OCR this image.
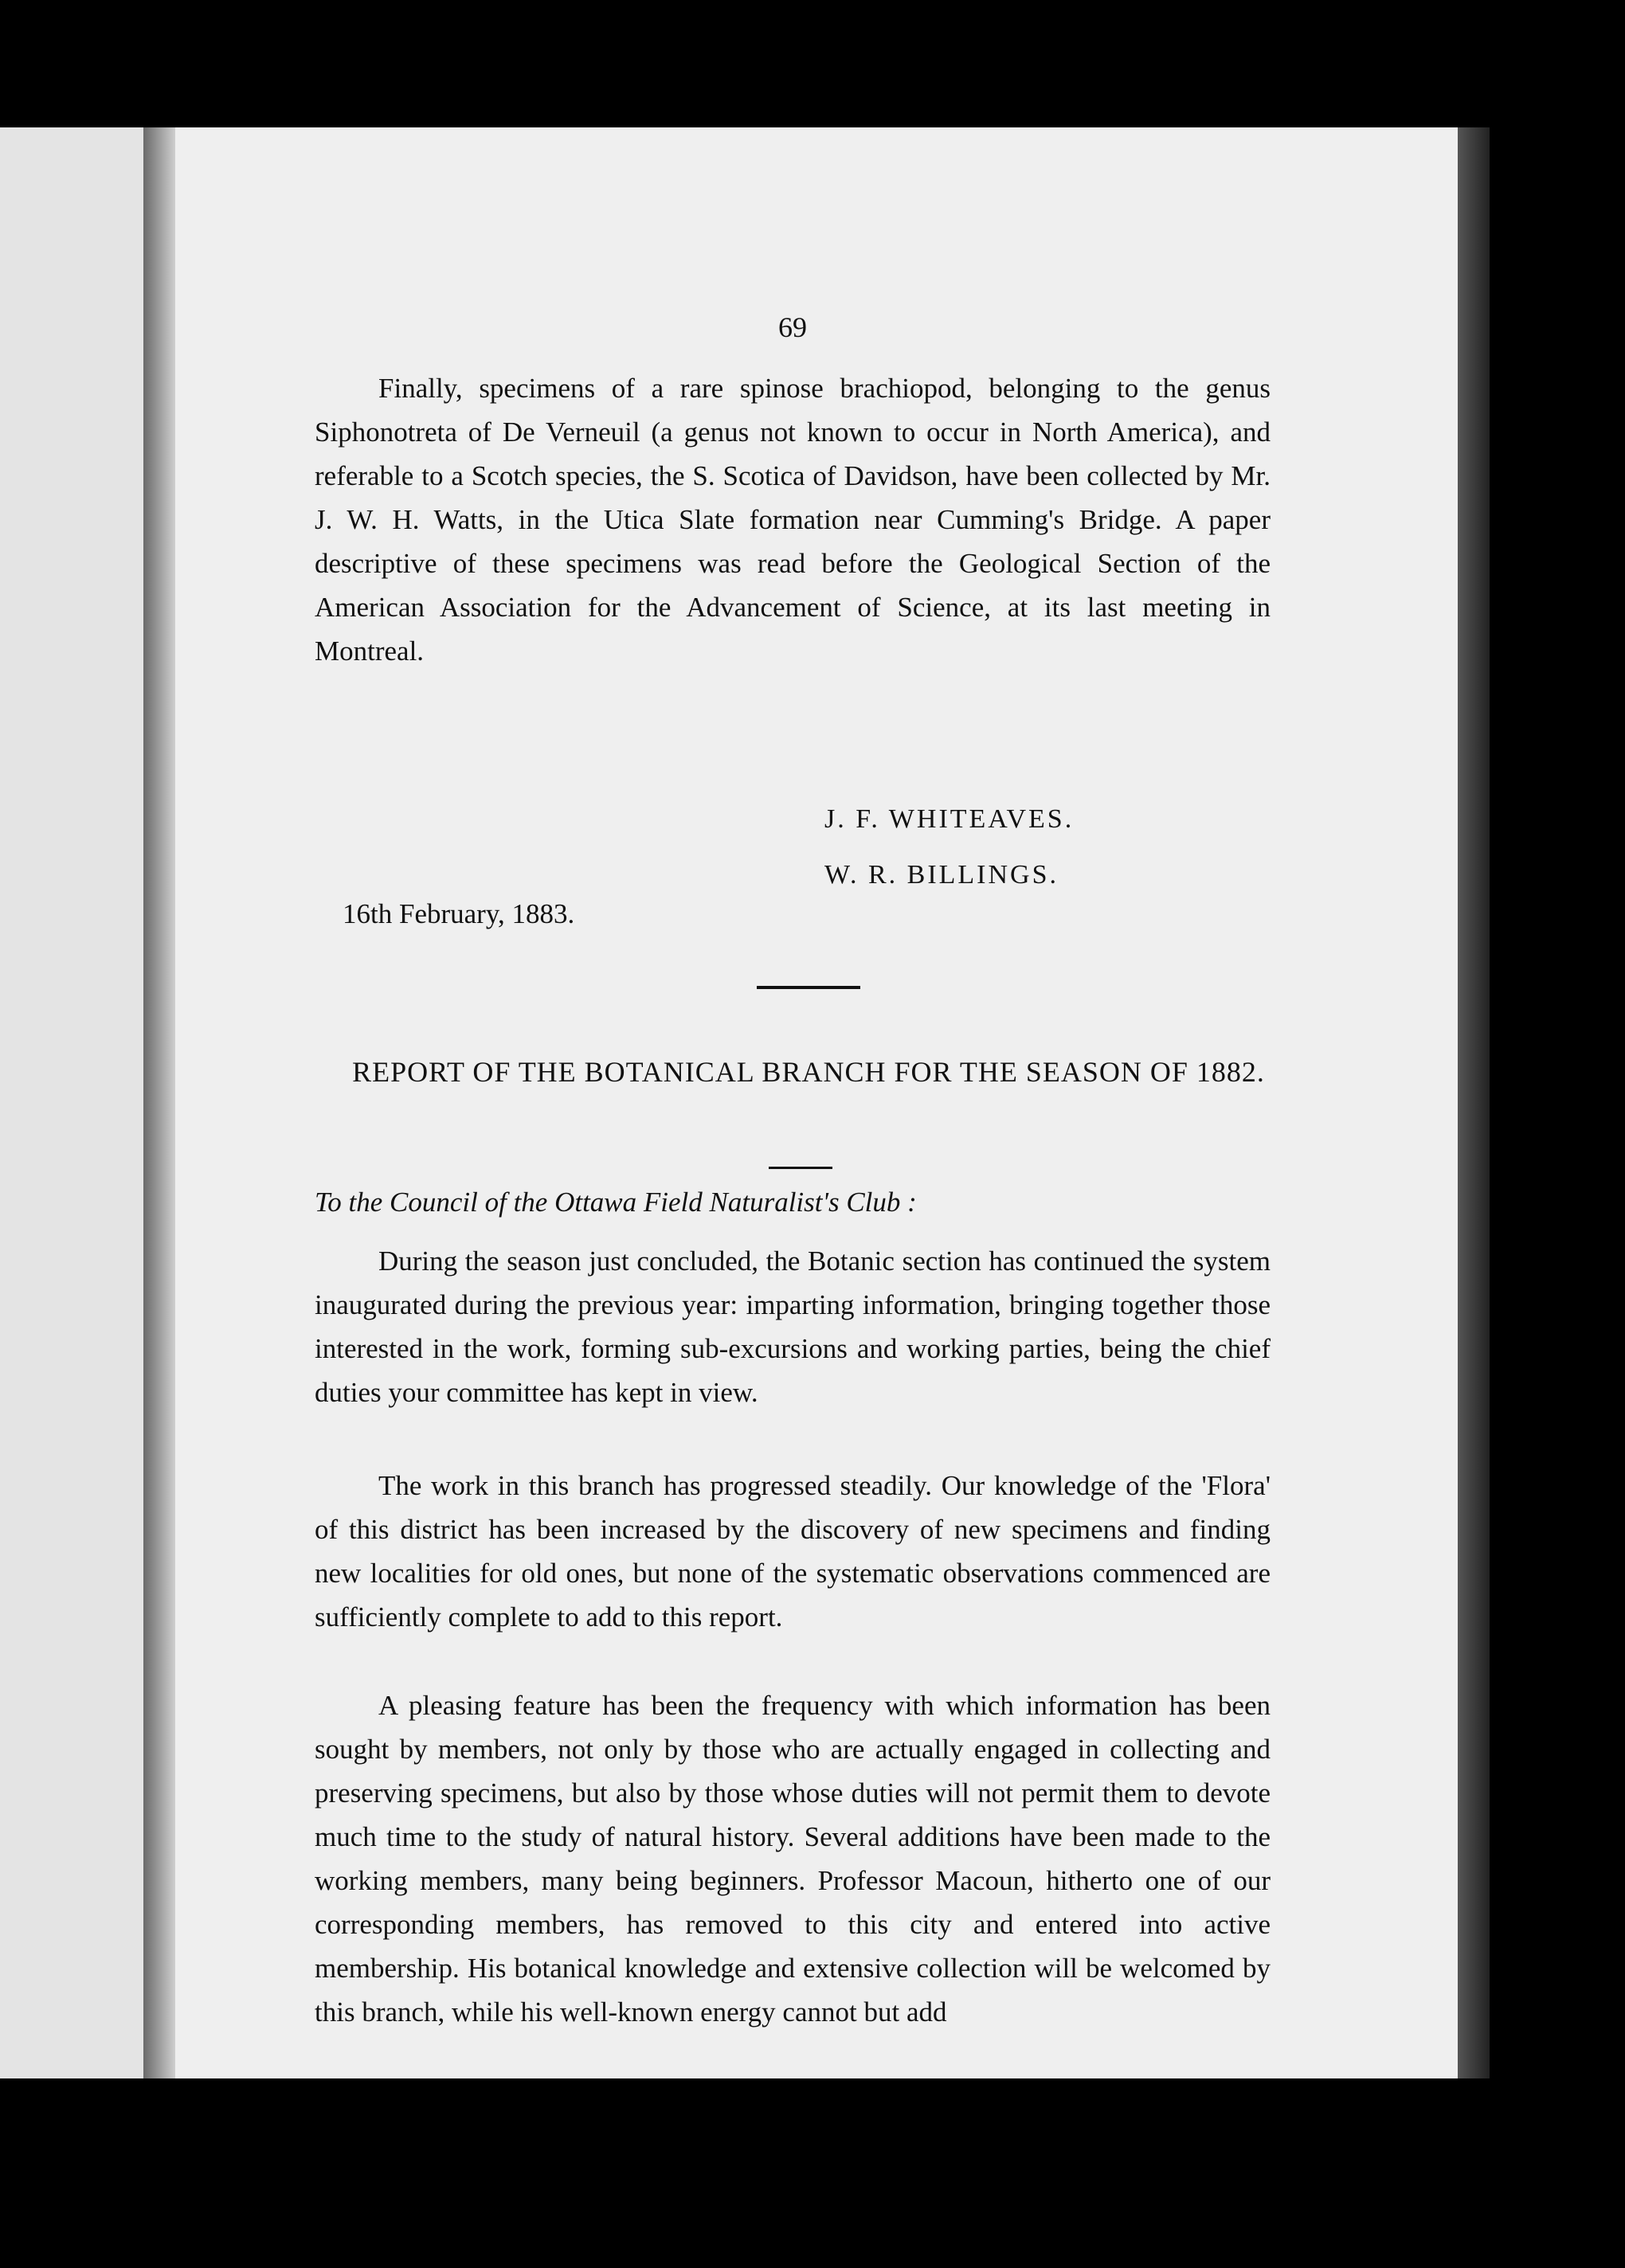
69

Finally, specimens of a rare spinose brachiopod, belonging to the genus Siphonotreta of De Verneuil (a genus not known to occur in North America), and referable to a Scotch species, the S. Scotica of Davidson, have been collected by Mr. J. W. H. Watts, in the Utica Slate formation near Cumming's Bridge. A paper descriptive of these specimens was read before the Geological Section of the American Association for the Advancement of Science, at its last meeting in Montreal.

J. F. WHITEAVES.
W. R. BILLINGS.
16th February, 1883.
REPORT OF THE BOTANICAL BRANCH FOR THE SEASON OF 1882.
To the Council of the Ottawa Field Naturalist's Club :

During the season just concluded, the Botanic section has continued the system inaugurated during the previous year: imparting information, bringing together those interested in the work, forming sub-excursions and working parties, being the chief duties your committee has kept in view.

The work in this branch has progressed steadily. Our knowledge of the 'Flora' of this district has been increased by the discovery of new specimens and finding new localities for old ones, but none of the systematic observations commenced are sufficiently complete to add to this report.

A pleasing feature has been the frequency with which information has been sought by members, not only by those who are actually engaged in collecting and preserving specimens, but also by those whose duties will not permit them to devote much time to the study of natural history. Several additions have been made to the working members, many being beginners. Professor Macoun, hitherto one of our corresponding members, has removed to this city and entered into active membership. His botanical knowledge and extensive collection will be welcomed by this branch, while his well-known energy cannot but add
